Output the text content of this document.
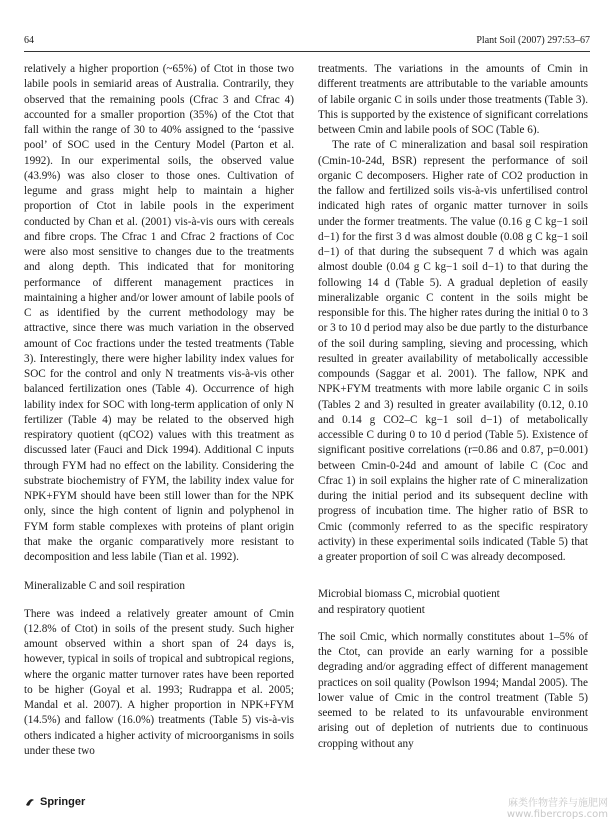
64	Plant Soil (2007) 297:53–67

relatively a higher proportion (~65%) of Ctot in those two labile pools in semiarid areas of Australia. Contrarily, they observed that the remaining pools (Cfrac 3 and Cfrac 4) accounted for a smaller proportion (35%) of the Ctot that fall within the range of 30 to 40% assigned to the ‘passive pool’ of SOC used in the Century Model (Parton et al. 1992). In our experimental soils, the observed value (43.9%) was also closer to those ones. Cultivation of legume and grass might help to maintain a higher proportion of Ctot in labile pools in the experiment conducted by Chan et al. (2001) vis-à-vis ours with cereals and fibre crops. The Cfrac 1 and Cfrac 2 fractions of Coc were also most sensitive to changes due to the treatments and along depth. This indicated that for monitoring performance of different management practices in maintaining a higher and/or lower amount of labile pools of C as identified by the current methodology may be attractive, since there was much variation in the observed amount of Coc fractions under the tested treatments (Table 3). Interestingly, there were higher lability index values for SOC for the control and only N treatments vis-à-vis other balanced fertilization ones (Table 4). Occurrence of high lability index for SOC with long-term application of only N fertilizer (Table 4) may be related to the observed high respiratory quotient (qCO2) values with this treatment as discussed later (Fauci and Dick 1994). Additional C inputs through FYM had no effect on the lability. Considering the substrate biochemistry of FYM, the lability index value for NPK+FYM should have been still lower than for the NPK only, since the high content of lignin and polyphenol in FYM form stable complexes with proteins of plant origin that make the organic comparatively more resistant to decomposition and less labile (Tian et al. 1992).

Mineralizable C and soil respiration

There was indeed a relatively greater amount of Cmin (12.8% of Ctot) in soils of the present study. Such higher amount observed within a short span of 24 days is, however, typical in soils of tropical and subtropical regions, where the organic matter turnover rates have been reported to be higher (Goyal et al. 1993; Rudrappa et al. 2005; Mandal et al. 2007). A higher proportion in NPK+FYM (14.5%) and fallow (16.0%) treatments (Table 5) vis-à-vis others indicated a higher activity of microorganisms in soils under these two

treatments. The variations in the amounts of Cmin in different treatments are attributable to the variable amounts of labile organic C in soils under those treatments (Table 3). This is supported by the existence of significant correlations between Cmin and labile pools of SOC (Table 6).

The rate of C mineralization and basal soil respiration (Cmin-10-24d, BSR) represent the performance of soil organic C decomposers. Higher rate of CO2 production in the fallow and fertilized soils vis-à-vis unfertilised control indicated high rates of organic matter turnover in soils under the former treatments. The value (0.16 g C kg−1 soil d−1) for the first 3 d was almost double (0.08 g C kg−1 soil d−1) of that during the subsequent 7 d which was again almost double (0.04 g C kg−1 soil d−1) to that during the following 14 d (Table 5). A gradual depletion of easily mineralizable organic C content in the soils might be responsible for this. The higher rates during the initial 0 to 3 or 3 to 10 d period may also be due partly to the disturbance of the soil during sampling, sieving and processing, which resulted in greater availability of metabolically accessible compounds (Saggar et al. 2001). The fallow, NPK and NPK+FYM treatments with more labile organic C in soils (Tables 2 and 3) resulted in greater availability (0.12, 0.10 and 0.14 g CO2–C kg−1 soil d−1) of metabolically accessible C during 0 to 10 d period (Table 5). Existence of significant positive correlations (r=0.86 and 0.87, p=0.001) between Cmin-0-24d and amount of labile C (Coc and Cfrac 1) in soil explains the higher rate of C mineralization during the initial period and its subsequent decline with progress of incubation time. The higher ratio of BSR to Cmic (commonly referred to as the specific respiratory activity) in these experimental soils indicated (Table 5) that a greater proportion of soil C was already decomposed.

Microbial biomass C, microbial quotient
and respiratory quotient

The soil Cmic, which normally constitutes about 1–5% of the Ctot, can provide an early warning for a possible degrading and/or aggrading effect of different management practices on soil quality (Powlson 1994; Mandal 2005). The lower value of Cmic in the control treatment (Table 5) seemed to be related to its unfavourable environment arising out of depletion of nutrients due to continuous cropping without any

Springer	麻类作物营养与施肥网
www.fibercrops.com
